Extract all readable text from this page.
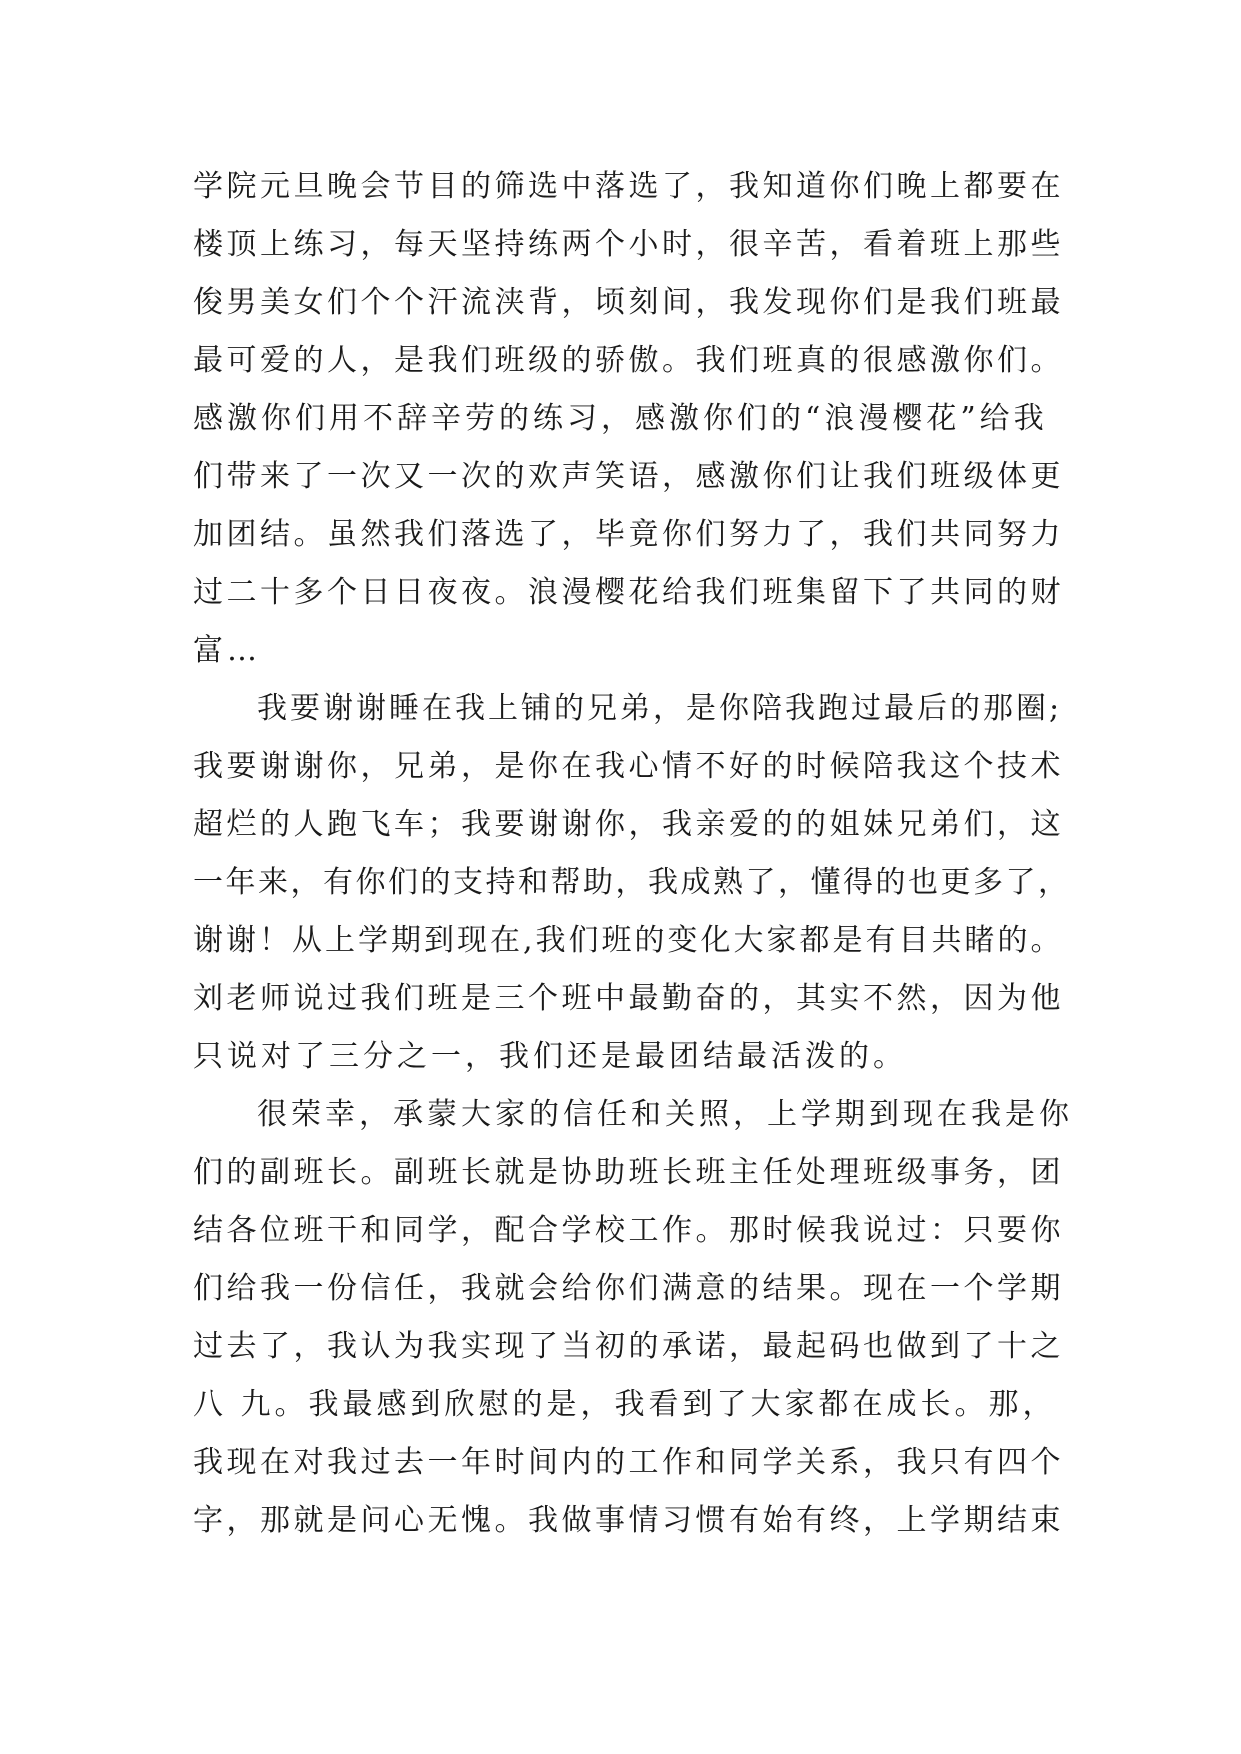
学院元旦晚会节目的筛选中落选了，我知道你们晚上都要在
楼顶上练习，每天坚持练两个小时，很辛苦，看着班上那些
俊男美女们个个汗流浃背，顷刻间，我发现你们是我们班最
最可爱的人，是我们班级的骄傲。我们班真的很感激你们。
感激你们用不辞辛劳的练习，感激你们的“浪漫樱花”给我
们带来了一次又一次的欢声笑语，感激你们让我们班级体更
加团结。虽然我们落选了，毕竟你们努力了，我们共同努力
过二十多个日日夜夜。浪漫樱花给我们班集留下了共同的财
富…
我要谢谢睡在我上铺的兄弟，是你陪我跑过最后的那圈;
我要谢谢你，兄弟，是你在我心情不好的时候陪我这个技术
超烂的人跑飞车；我要谢谢你，我亲爱的的姐妹兄弟们，这
一年来，有你们的支持和帮助，我成熟了，懂得的也更多了，
谢谢！从上学期到现在,我们班的变化大家都是有目共睹的。
刘老师说过我们班是三个班中最勤奋的，其实不然，因为他
只说对了三分之一，我们还是最团结最活泼的。
很荣幸，承蒙大家的信任和关照，上学期到现在我是你
们的副班长。副班长就是协助班长班主任处理班级事务，团
结各位班干和同学，配合学校工作。那时候我说过：只要你
们给我一份信任，我就会给你们满意的结果。现在一个学期
过去了，我认为我实现了当初的承诺，最起码也做到了十之
八 九。我最感到欣慰的是，我看到了大家都在成长。那，
我现在对我过去一年时间内的工作和同学关系，我只有四个
字，那就是问心无愧。我做事情习惯有始有终，上学期结束
